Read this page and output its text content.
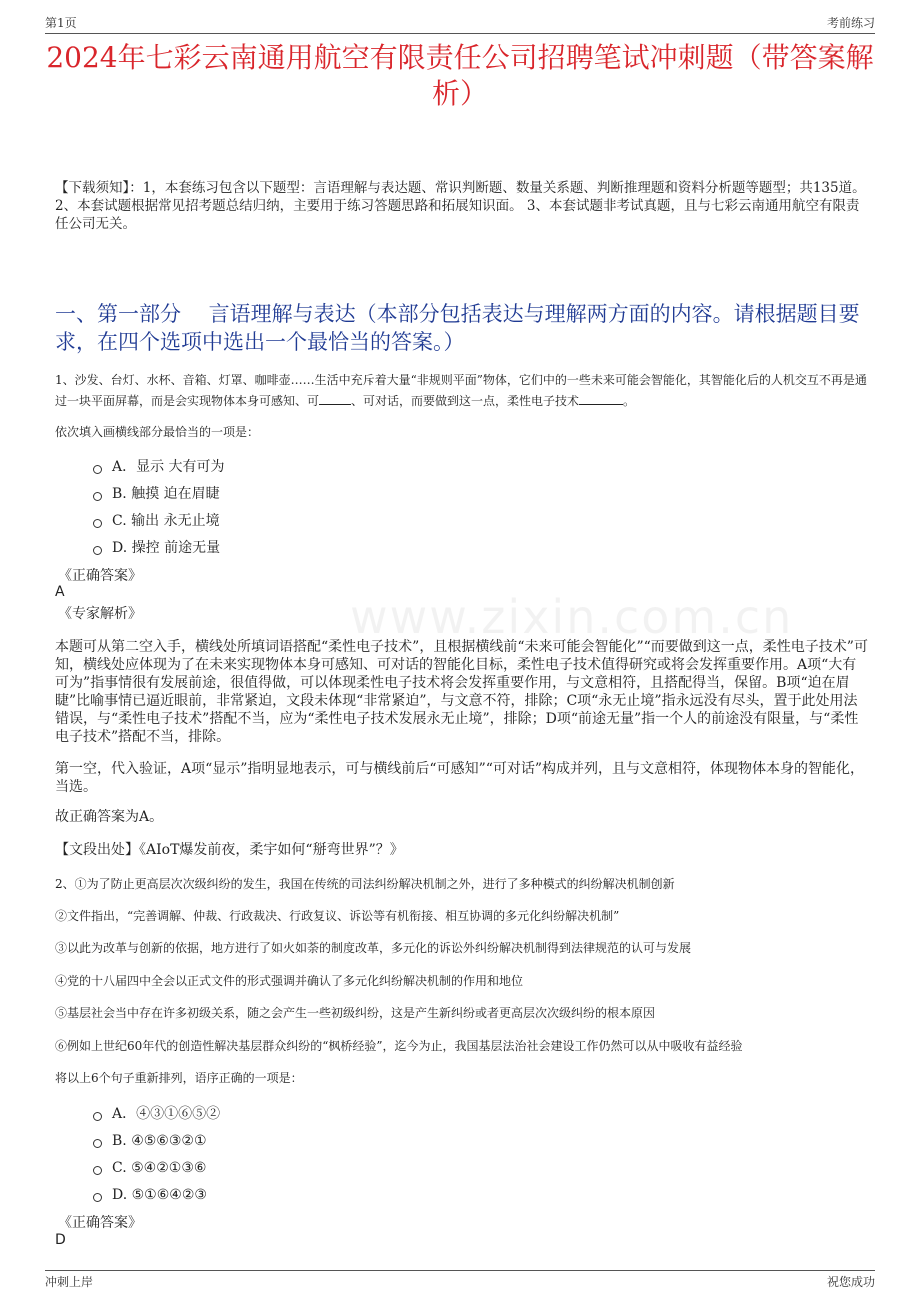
第1页	考前练习
www.zixin.com.cn
2024年七彩云南通用航空有限责任公司招聘笔试冲刺题（带答案解析）
【下载须知】：1，本套练习包含以下题型：言语理解与表达题、常识判断题、数量关系题、判断推理题和资料分析题等题型；共135道。 2、本套试题根据常见招考题总结归纳，主要用于练习答题思路和拓展知识面。 3、本套试题非考试真题，且与七彩云南通用航空有限责任公司无关。
一、第一部分　 言语理解与表达（本部分包括表达与理解两方面的内容。请根据题目要求，在四个选项中选出一个最恰当的答案。）
1、沙发、台灯、水杯、音箱、灯罩、咖啡壶……生活中充斥着大量“非规则平面”物体，它们中的一些未来可能会智能化，其智能化后的人机交互不再是通过一块平面屏幕，而是会实现物体本身可感知、可	、可对话，而要做到这一点，柔性电子技术	。
依次填入画横线部分最恰当的一项是：
A．显示 大有可为
B. 触摸 迫在眉睫
C. 输出 永无止境
D. 操控 前途无量
《正确答案》
A
《专家解析》
本题可从第二空入手，横线处所填词语搭配“柔性电子技术”，且根据横线前“未来可能会智能化”“而要做到这一点，柔性电子技术”可知，横线处应体现为了在未来实现物体本身可感知、可对话的智能化目标，柔性电子技术值得研究或将会发挥重要作用。A项“大有可为”指事情很有发展前途，很值得做，可以体现柔性电子技术将会发挥重要作用，与文意相符，且搭配得当，保留。B项“迫在眉睫”比喻事情已逼近眼前，非常紧迫，文段未体现“非常紧迫”，与文意不符，排除；C项“永无止境”指永远没有尽头，置于此处用法错误，与“柔性电子技术”搭配不当，应为“柔性电子技术发展永无止境”，排除；D项“前途无量”指一个人的前途没有限量，与“柔性电子技术”搭配不当，排除。
第一空，代入验证，A项“显示”指明显地表示，可与横线前后“可感知”“可对话”构成并列，且与文意相符，体现物体本身的智能化，当选。
故正确答案为A。
【文段出处】《AIoT爆发前夜，柔宇如何“掰弯世界”？》
2、①为了防止更高层次次级纠纷的发生，我国在传统的司法纠纷解决机制之外，进行了多种模式的纠纷解决机制创新
②文件指出，“完善调解、仲裁、行政裁决、行政复议、诉讼等有机衔接、相互协调的多元化纠纷解决机制”
③以此为改革与创新的依据，地方进行了如火如荼的制度改革，多元化的诉讼外纠纷解决机制得到法律规范的认可与发展
④党的十八届四中全会以正式文件的形式强调并确认了多元化纠纷解决机制的作用和地位
⑤基层社会当中存在许多初级关系，随之会产生一些初级纠纷，这是产生新纠纷或者更高层次次级纠纷的根本原因
⑥例如上世纪60年代的创造性解决基层群众纠纷的“枫桥经验”，迄今为止，我国基层法治社会建设工作仍然可以从中吸收有益经验
将以上6个句子重新排列，语序正确的一项是：
A．④③①⑥⑤②
B. ④⑤⑥③②①
C. ⑤④②①③⑥
D. ⑤①⑥④②③
《正确答案》
D
冲刺上岸	祝您成功
